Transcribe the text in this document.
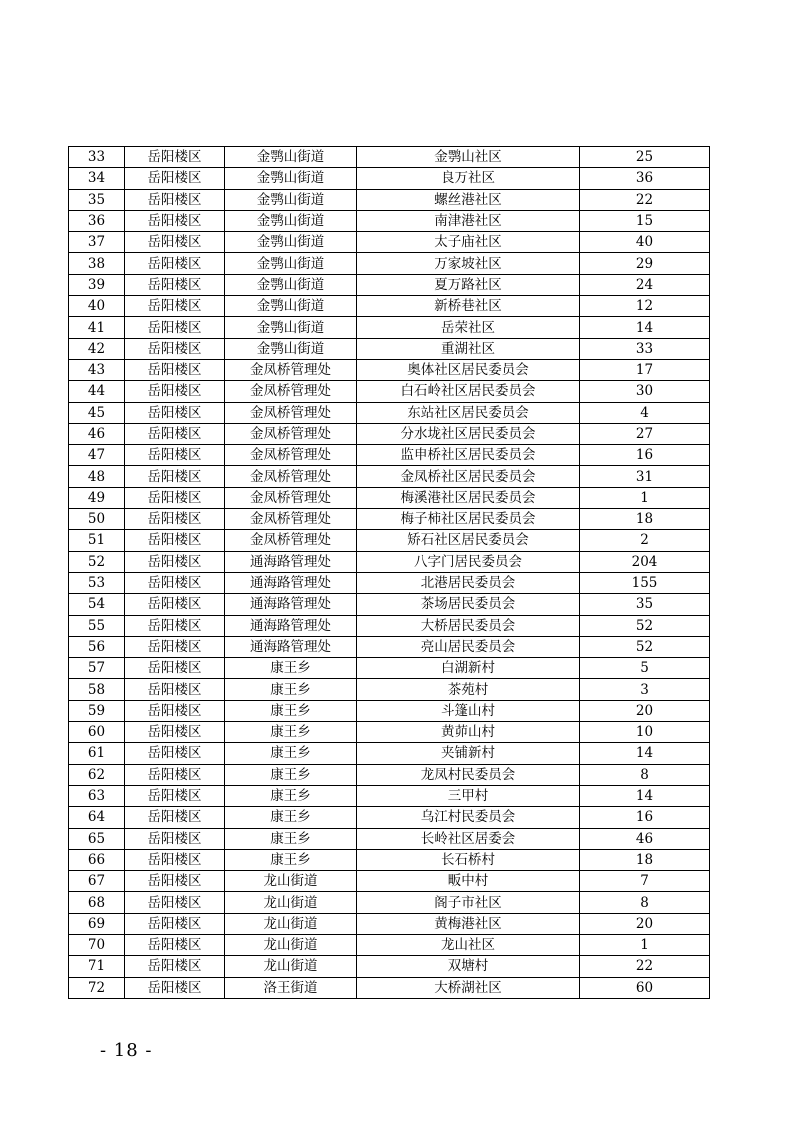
33	岳阳楼区	金鹗山街道	金鹗山社区	25
34	岳阳楼区	金鹗山街道	良万社区	36
35	岳阳楼区	金鹗山街道	螺丝港社区	22
36	岳阳楼区	金鹗山街道	南津港社区	15
37	岳阳楼区	金鹗山街道	太子庙社区	40
38	岳阳楼区	金鹗山街道	万家坡社区	29
39	岳阳楼区	金鹗山街道	夏万路社区	24
40	岳阳楼区	金鹗山街道	新桥巷社区	12
41	岳阳楼区	金鹗山街道	岳荣社区	14
42	岳阳楼区	金鹗山街道	重湖社区	33
43	岳阳楼区	金凤桥管理处	奥体社区居民委员会	17
44	岳阳楼区	金凤桥管理处	白石岭社区居民委员会	30
45	岳阳楼区	金凤桥管理处	东站社区居民委员会	4
46	岳阳楼区	金凤桥管理处	分水垅社区居民委员会	27
47	岳阳楼区	金凤桥管理处	监申桥社区居民委员会	16
48	岳阳楼区	金凤桥管理处	金凤桥社区居民委员会	31
49	岳阳楼区	金凤桥管理处	梅溪港社区居民委员会	1
50	岳阳楼区	金凤桥管理处	梅子柿社区居民委员会	18
51	岳阳楼区	金凤桥管理处	矫石社区居民委员会	2
52	岳阳楼区	通海路管理处	八字门居民委员会	204
53	岳阳楼区	通海路管理处	北港居民委员会	155
54	岳阳楼区	通海路管理处	茶场居民委员会	35
55	岳阳楼区	通海路管理处	大桥居民委员会	52
56	岳阳楼区	通海路管理处	亮山居民委员会	52
57	岳阳楼区	康王乡	白湖新村	5
58	岳阳楼区	康王乡	茶苑村	3
59	岳阳楼区	康王乡	斗篷山村	20
60	岳阳楼区	康王乡	黄茆山村	10
61	岳阳楼区	康王乡	夹铺新村	14
62	岳阳楼区	康王乡	龙凤村民委员会	8
63	岳阳楼区	康王乡	三甲村	14
64	岳阳楼区	康王乡	乌江村民委员会	16
65	岳阳楼区	康王乡	长岭社区居委会	46
66	岳阳楼区	康王乡	长石桥村	18
67	岳阳楼区	龙山街道	畈中村	7
68	岳阳楼区	龙山街道	阁子市社区	8
69	岳阳楼区	龙山街道	黄梅港社区	20
70	岳阳楼区	龙山街道	龙山社区	1
71	岳阳楼区	龙山街道	双塘村	22
72	岳阳楼区	洛王街道	大桥湖社区	60
- 18 -
